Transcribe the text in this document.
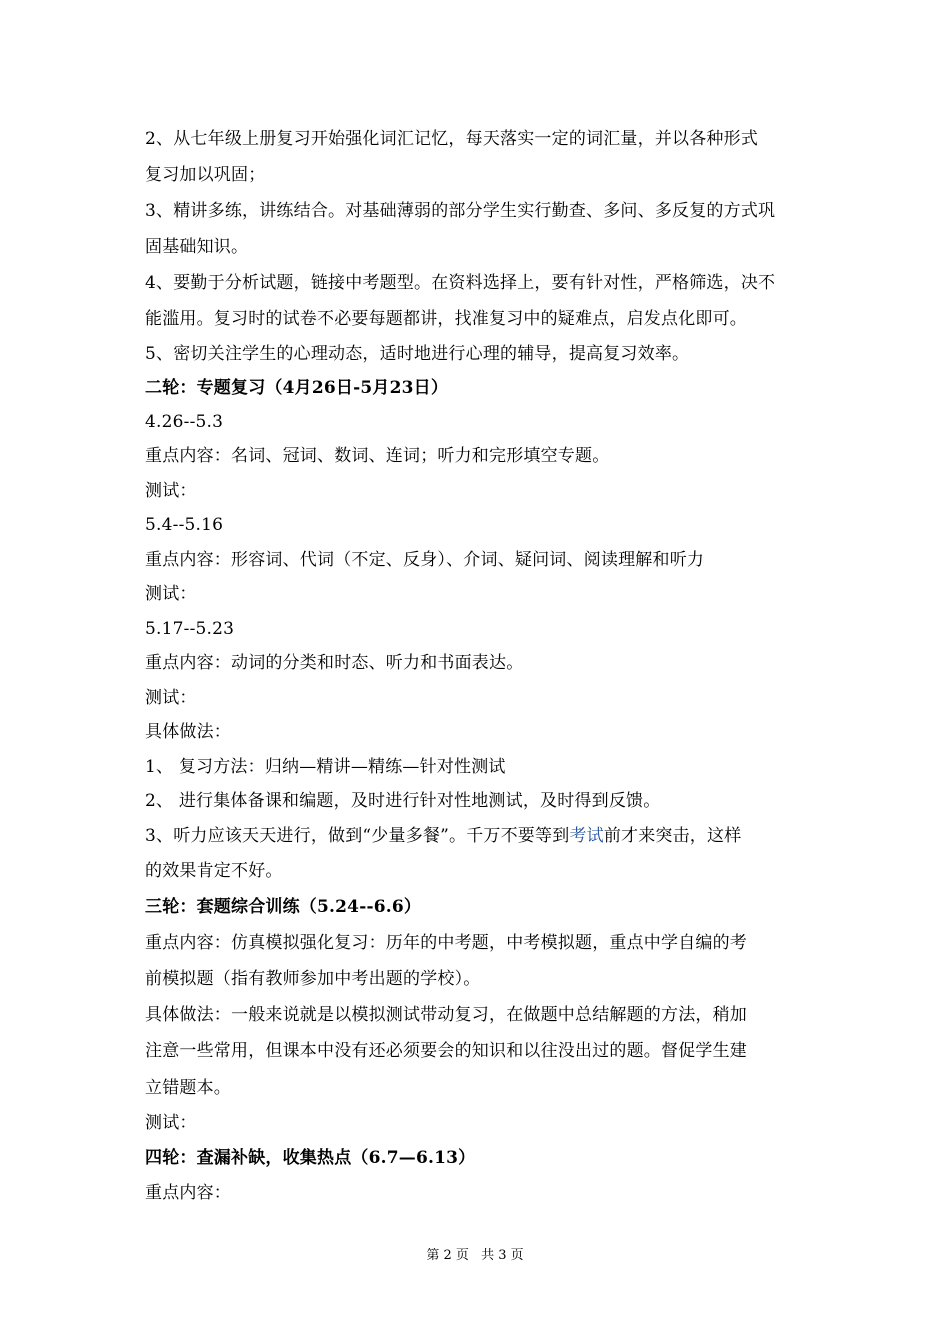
2、从七年级上册复习开始强化词汇记忆，每天落实一定的词汇量，并以各种形式
复习加以巩固；
3、精讲多练，讲练结合。对基础薄弱的部分学生实行勤查、多问、多反复的方式巩
固基础知识。
4、要勤于分析试题，链接中考题型。在资料选择上，要有针对性，严格筛选，决不
能滥用。复习时的试卷不必要每题都讲，找准复习中的疑难点，启发点化即可。
5、密切关注学生的心理动态，适时地进行心理的辅导，提高复习效率。
二轮：专题复习（4月26日-5月23日）
4.26--5.3
重点内容：名词、冠词、数词、连词；听力和完形填空专题。
测试：
5.4--5.16
重点内容：形容词、代词（不定、反身）、介词、疑问词、阅读理解和听力
测试：
5.17--5.23
重点内容：动词的分类和时态、听力和书面表达。
测试：
具体做法：
1、 复习方法：归纳—精讲—精练—针对性测试
2、 进行集体备课和编题，及时进行针对性地测试，及时得到反馈。
3、听力应该天天进行，做到“少量多餐”。千万不要等到考试前才来突击，这样
的效果肯定不好。
三轮：套题综合训练（5.24--6.6）
重点内容：仿真模拟强化复习：历年的中考题，中考模拟题，重点中学自编的考
前模拟题（指有教师参加中考出题的学校）。
具体做法：一般来说就是以模拟测试带动复习，在做题中总结解题的方法，稍加
注意一些常用，但课本中没有还必须要会的知识和以往没出过的题。督促学生建
立错题本。
测试：
四轮：查漏补缺，收集热点（6.7—6.13）
重点内容：
第 2 页 共 3 页
